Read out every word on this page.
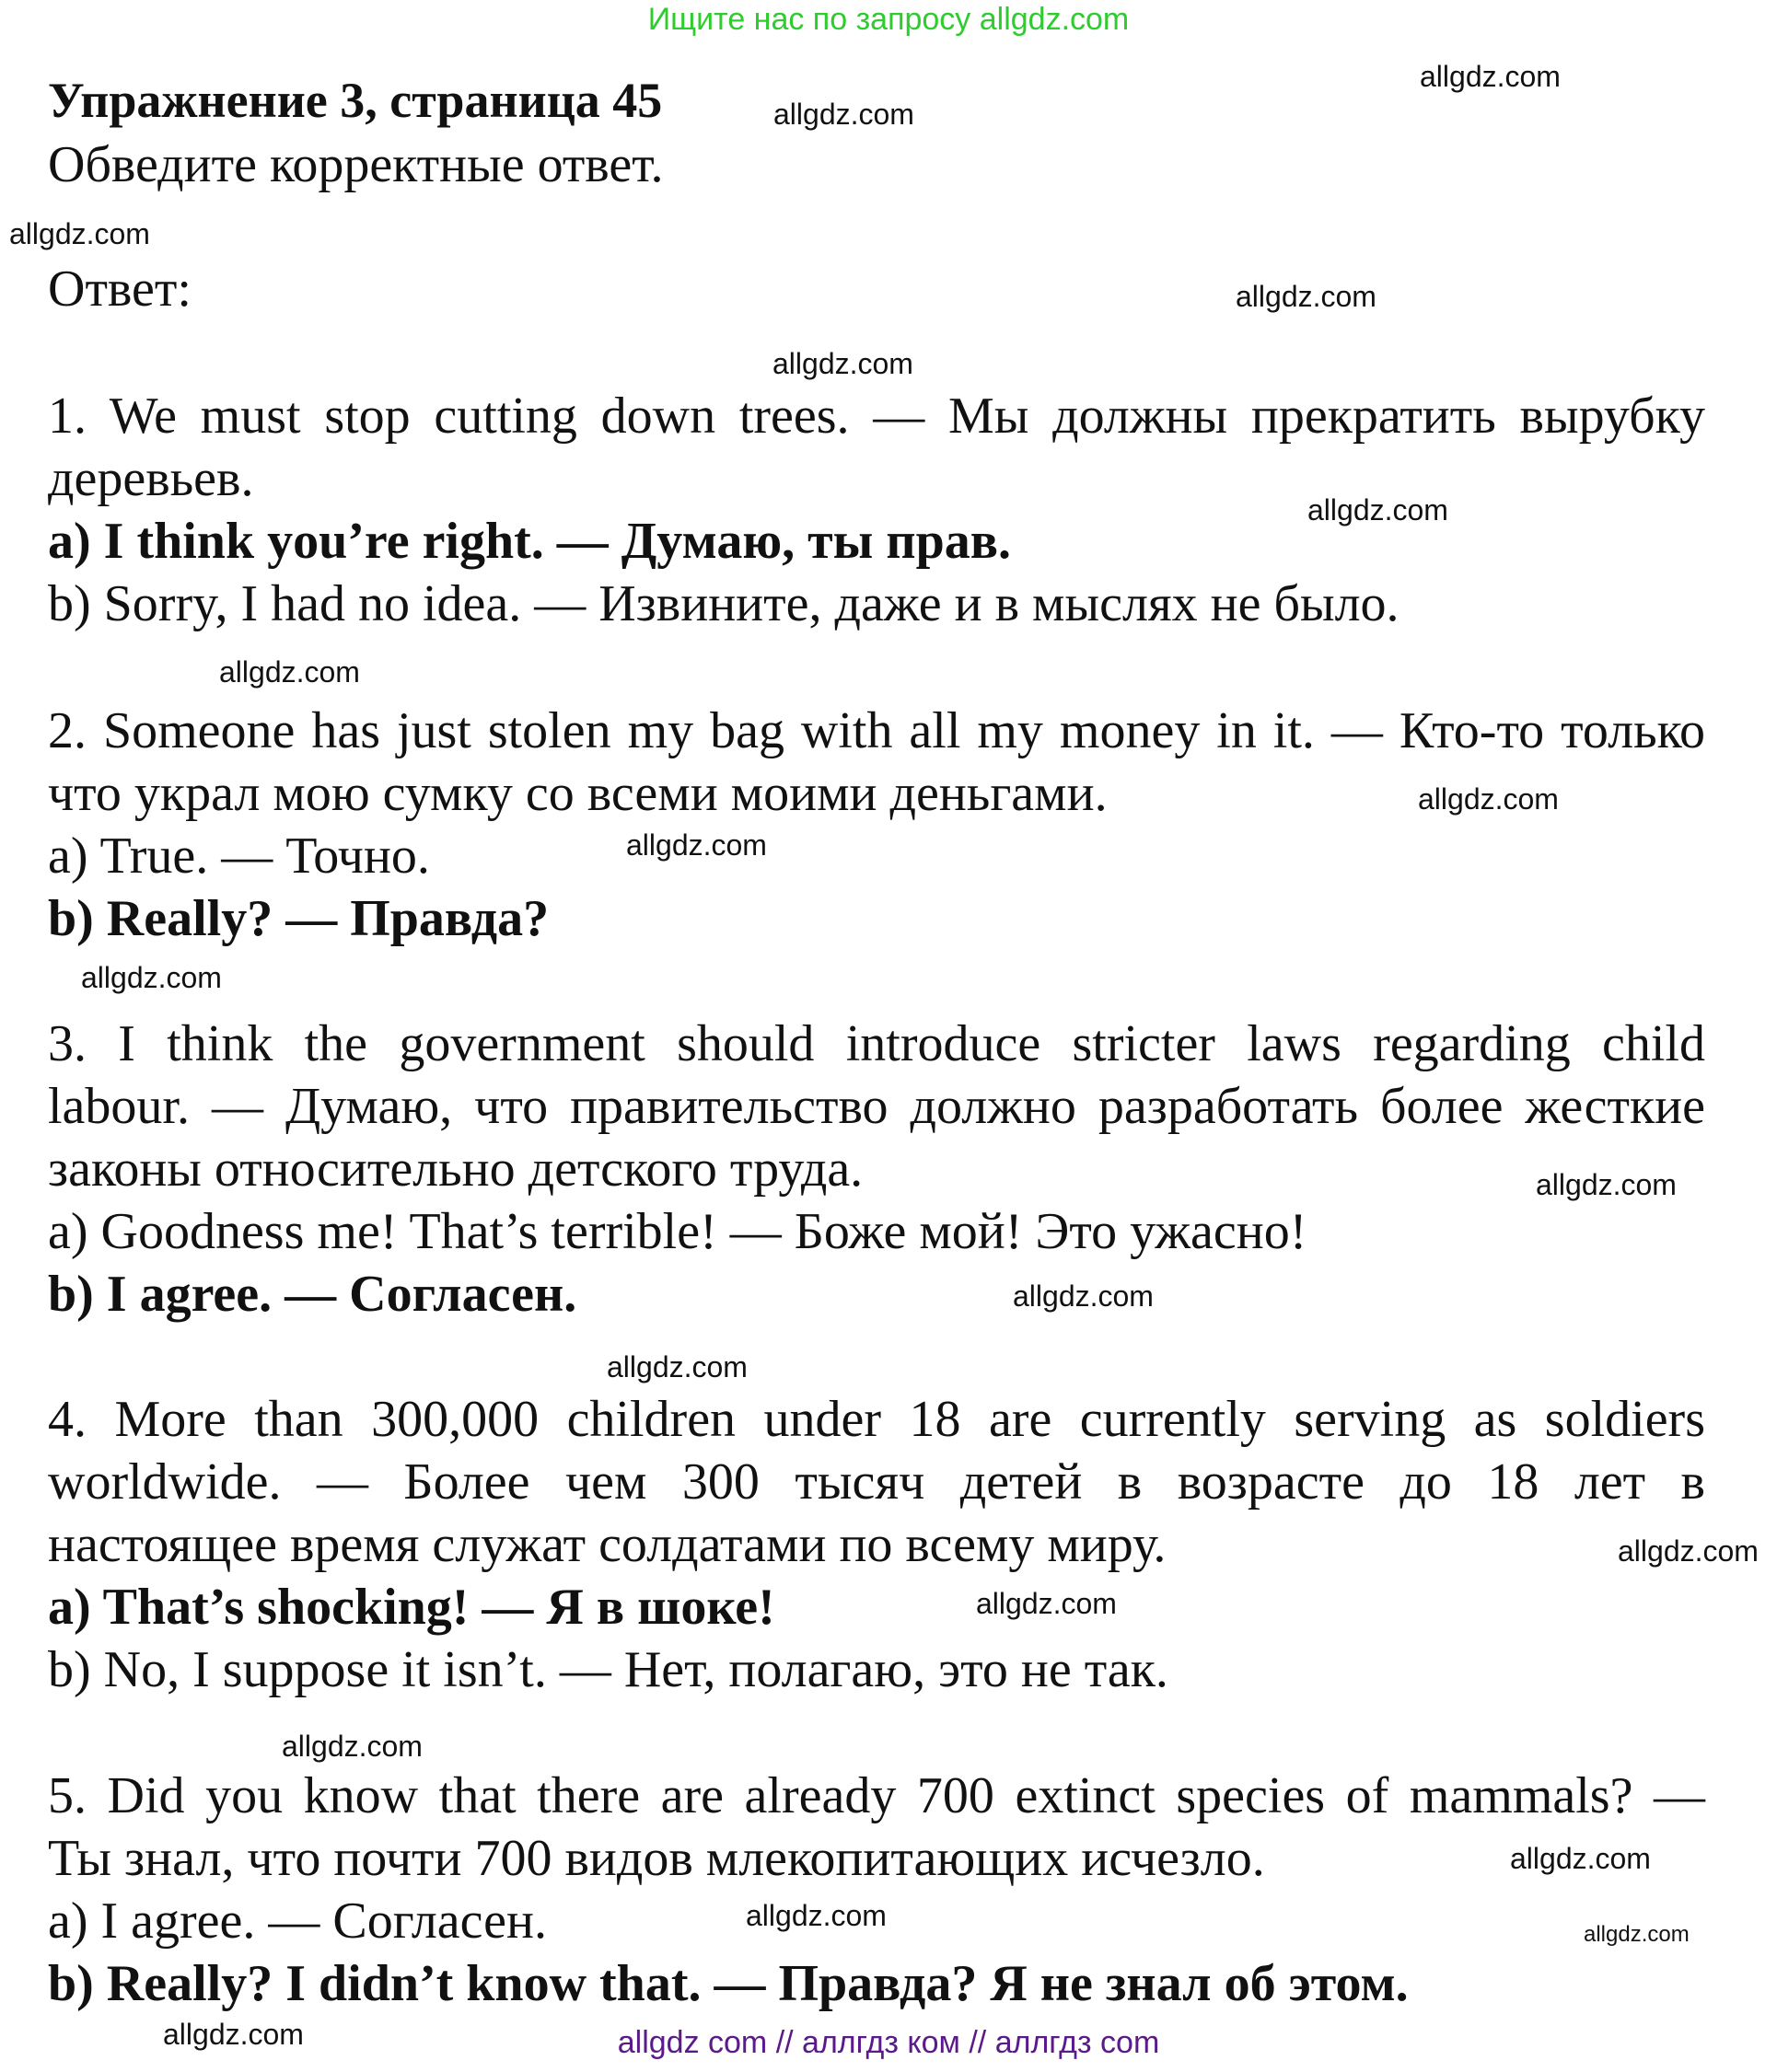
Ищите нас по запросу allgdz.com
Упражнение 3, страница 45
Обведите корректные ответ.
Ответ:
1. We must stop cutting down trees. — Мы должны прекратить вырубку
деревьев.
a) I think you’re right. — Думаю, ты прав.
b) Sorry, I had no idea. — Извините, даже и в мыслях не было.
2. Someone has just stolen my bag with all my money in it. — Кто-то только
что украл мою сумку со всеми моими деньгами.
a) True. — Точно.
b) Really? — Правда?
3. I think the government should introduce stricter laws regarding child
labour. — Думаю, что правительство должно разработать более жесткие
законы относительно детского труда.
a) Goodness me! That’s terrible! — Боже мой! Это ужасно!
b) I agree. — Согласен.
4. More than 300,000 children under 18 are currently serving as soldiers
worldwide. — Более чем 300 тысяч детей в возрасте до 18 лет в
настоящее время служат солдатами по всему миру.
a) That’s shocking! — Я в шоке!
b) No, I suppose it isn’t. — Нет, полагаю, это не так.
5. Did you know that there are already 700 extinct species of mammals? —
Ты знал, что почти 700 видов млекопитающих исчезло.
a) I agree. — Согласен.
b) Really? I didn’t know that. — Правда? Я не знал об этом.
allgdz.com
allgdz.com
allgdz.com
allgdz.com
allgdz.com
allgdz.com
allgdz.com
allgdz.com
allgdz.com
allgdz.com
allgdz.com
allgdz.com
allgdz.com
allgdz.com
allgdz.com
allgdz.com
allgdz.com
allgdz.com
allgdz.com
allgdz.com	allgdz com // аллгдз ком // аллгдз com
